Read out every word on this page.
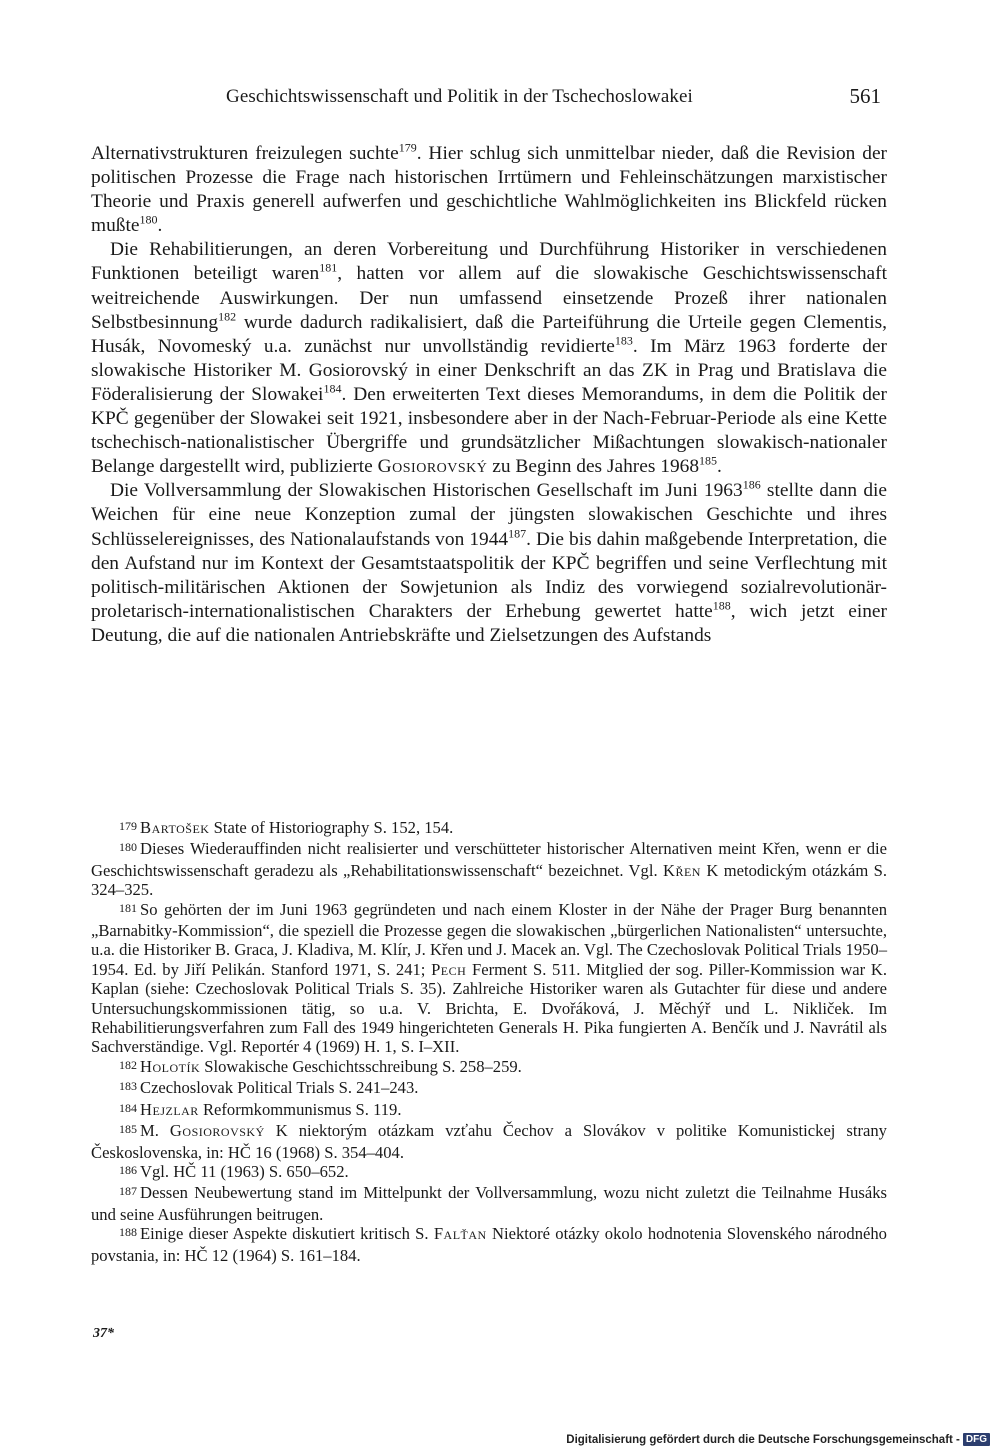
Geschichtswissenschaft und Politik in der Tschechoslowakei	561

Alternativstrukturen freizulegen suchte$^{179}$. Hier schlug sich unmittelbar nieder, daß die Revision der politischen Prozesse die Frage nach historischen Irrtümern und Fehleinschätzungen marxistischer Theorie und Praxis generell aufwerfen und geschichtliche Wahlmöglichkeiten ins Blickfeld rücken mußte$^{180}$.

Die Rehabilitierungen, an deren Vorbereitung und Durchführung Historiker in verschiedenen Funktionen beteiligt waren$^{181}$, hatten vor allem auf die slowakische Geschichtswissenschaft weitreichende Auswirkungen. Der nun umfassend einsetzende Prozeß ihrer nationalen Selbstbesinnung$^{182}$ wurde dadurch radikalisiert, daß die Parteiführung die Urteile gegen Clementis, Husák, Novomeský u.a. zunächst nur unvollständig revidierte$^{183}$. Im März 1963 forderte der slowakische Historiker M. Gosiorovský in einer Denkschrift an das ZK in Prag und Bratislava die Föderalisierung der Slowakei$^{184}$. Den erweiterten Text dieses Memorandums, in dem die Politik der KPČ gegenüber der Slowakei seit 1921, insbesondere aber in der Nach-Februar-Periode als eine Kette tschechisch-nationalistischer Übergriffe und grundsätzlicher Mißachtungen slowakisch-nationaler Belange dargestellt wird, publizierte Gosiorovský zu Beginn des Jahres 1968$^{185}$.

Die Vollversammlung der Slowakischen Historischen Gesellschaft im Juni 1963$^{186}$ stellte dann die Weichen für eine neue Konzeption zumal der jüngsten slowakischen Geschichte und ihres Schlüsselereignisses, des Nationalaufstands von 1944$^{187}$. Die bis dahin maßgebende Interpretation, die den Aufstand nur im Kontext der Gesamtstaatspolitik der KPČ begriffen und seine Verflechtung mit politisch-militärischen Aktionen der Sowjetunion als Indiz des vorwiegend sozialrevolutionär-proletarisch-internationalistischen Charakters der Erhebung gewertet hatte$^{188}$, wich jetzt einer Deutung, die auf die nationalen Antriebskräfte und Zielsetzungen des Aufstands

179 Bartošek State of Historiography S. 152, 154.

180 Dieses Wiederauffinden nicht realisierter und verschütteter historischer Alternativen meint Křen, wenn er die Geschichtswissenschaft geradezu als „Rehabilitationswissenschaft“ bezeichnet. Vgl. Křen K metodickým otázkám S. 324–325.

181 So gehörten der im Juni 1963 gegründeten und nach einem Kloster in der Nähe der Prager Burg benannten „Barnabitky-Kommission“, die speziell die Prozesse gegen die slowakischen „bürgerlichen Nationalisten“ untersuchte, u.a. die Historiker B. Graca, J. Kladiva, M. Klír, J. Křen und J. Macek an. Vgl. The Czechoslovak Political Trials 1950–1954. Ed. by Jiří Pelikán. Stanford 1971, S. 241; Pech Ferment S. 511. Mitglied der sog. Piller-Kommission war K. Kaplan (siehe: Czechoslovak Political Trials S. 35). Zahlreiche Historiker waren als Gutachter für diese und andere Untersuchungskommissionen tätig, so u.a. V. Brichta, E. Dvořáková, J. Měchýř und L. Nikliček. Im Rehabilitierungsverfahren zum Fall des 1949 hingerichteten Generals H. Pika fungierten A. Benčík und J. Navrátil als Sachverständige. Vgl. Reportér 4 (1969) H. 1, S. I–XII.

182 Holotík Slowakische Geschichtsschreibung S. 258–259.

183 Czechoslovak Political Trials S. 241–243.

184 Hejzlar Reformkommunismus S. 119.

185 M. Gosiorovský K niektorým otázkam vzťahu Čechov a Slovákov v politike Komunistickej strany Československa, in: HČ 16 (1968) S. 354–404.

186 Vgl. HČ 11 (1963) S. 650–652.

187 Dessen Neubewertung stand im Mittelpunkt der Vollversammlung, wozu nicht zuletzt die Teilnahme Husáks und seine Ausführungen beitrugen.

188 Einige dieser Aspekte diskutiert kritisch S. Falťan Niektoré otázky okolo hodnotenia Slovenského národného povstania, in: HČ 12 (1964) S. 161–184.

37*
Digitalisierung gefördert durch die Deutsche Forschungsgemeinschaft - DFG
